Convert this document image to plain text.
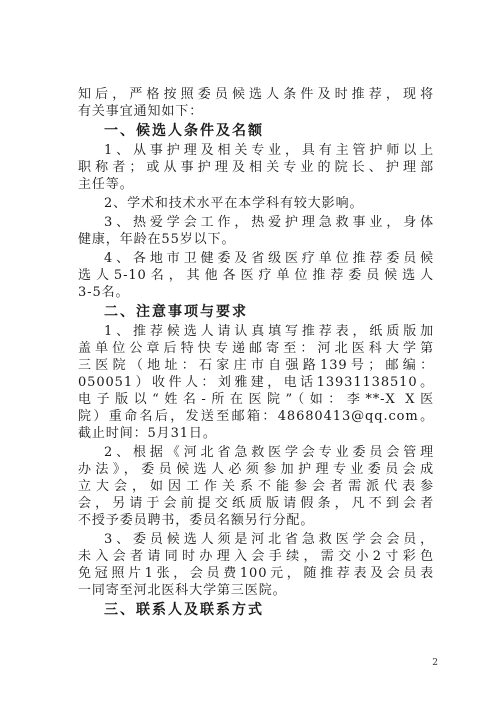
知后，严格按照委员候选人条件及时推荐，现将
有关事宜通知如下：
一、候选人条件及名额
1、从事护理及相关专业，具有主管护师以上
职称者；或从事护理及相关专业的院长、护理部
主任等。
2、学术和技术水平在本学科有较大影响。
3、热爱学会工作，热爱护理急救事业，身体
健康，年龄在55岁以下。
4、各地市卫健委及省级医疗单位推荐委员候
选人5-10名，其他各医疗单位推荐委员候选人
3-5名。
二、注意事项与要求
1、推荐候选人请认真填写推荐表，纸质版加
盖单位公章后特快专递邮寄至：河北医科大学第
三医院（地址：石家庄市自强路139号；邮编：
050051）收件人：刘雅建，电话13931138510。
电子版以“姓名-所在医院”（如：李**-X X医
院）重命名后，发送至邮箱：48680413@qq.com。
截止时间：5月31日。
2、根据《河北省急救医学会专业委员会管理
办法》，委员候选人必须参加护理专业委员会成
立大会，如因工作关系不能参会者需派代表参
会，另请于会前提交纸质版请假条，凡不到会者
不授予委员聘书，委员名额另行分配。
3、委员候选人须是河北省急救医学会会员，
未入会者请同时办理入会手续，需交小2寸彩色
免冠照片1张，会员费100元，随推荐表及会员表
一同寄至河北医科大学第三医院。
三、联系人及联系方式
2
